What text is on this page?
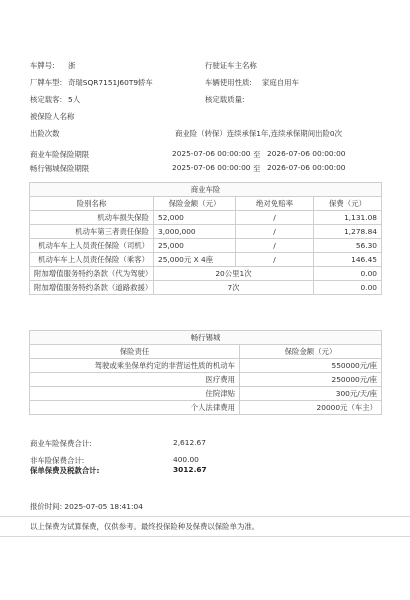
车牌号: 浙	行驶证车主名称
厂牌车型: 奇瑞SQR7151J60T9轿车	车辆使用性质: 家庭自用车
核定载客: 5人	核定载质量:
被保险人名称
出险次数	商业险（转保）连续承保1年,连续承保期间出险0次
商业车险保险期限	2025-07-06 00:00:00 至 2026-07-06 00:00:00
畅行锡城保险期限	2025-07-06 00:00:00 至 2026-07-06 00:00:00
商业车险			
险别名称	保险金额（元）	绝对免赔率	保费（元）
机动车损失保险	52,000	/	1,131.08
机动车第三者责任保险	3,000,000	/	1,278.84
机动车车上人员责任保险（司机）	25,000	/	56.30
机动车车上人员责任保险（乘客）	25,000元 X 4座	/	146.45
附加增值服务特约条款（代为驾驶）	20公里1次		0.00
附加增值服务特约条款（道路救援）	7次		0.00
畅行锡城	
保险责任	保险金额（元）
驾驶或乘坐保单约定的非营运性质的机动车	550000元/座
医疗费用	250000元/座
住院津贴	300元/天/座
个人法律费用	20000元（车主）
商业车险保费合计:	2,612.67
非车险保费合计:	400.00
保单保费及税款合计:	3012.67
报价时间: 2025-07-05 18:41:04
以上保费为试算保费，仅供参考。最终投保险种及保费以保险单为准。
